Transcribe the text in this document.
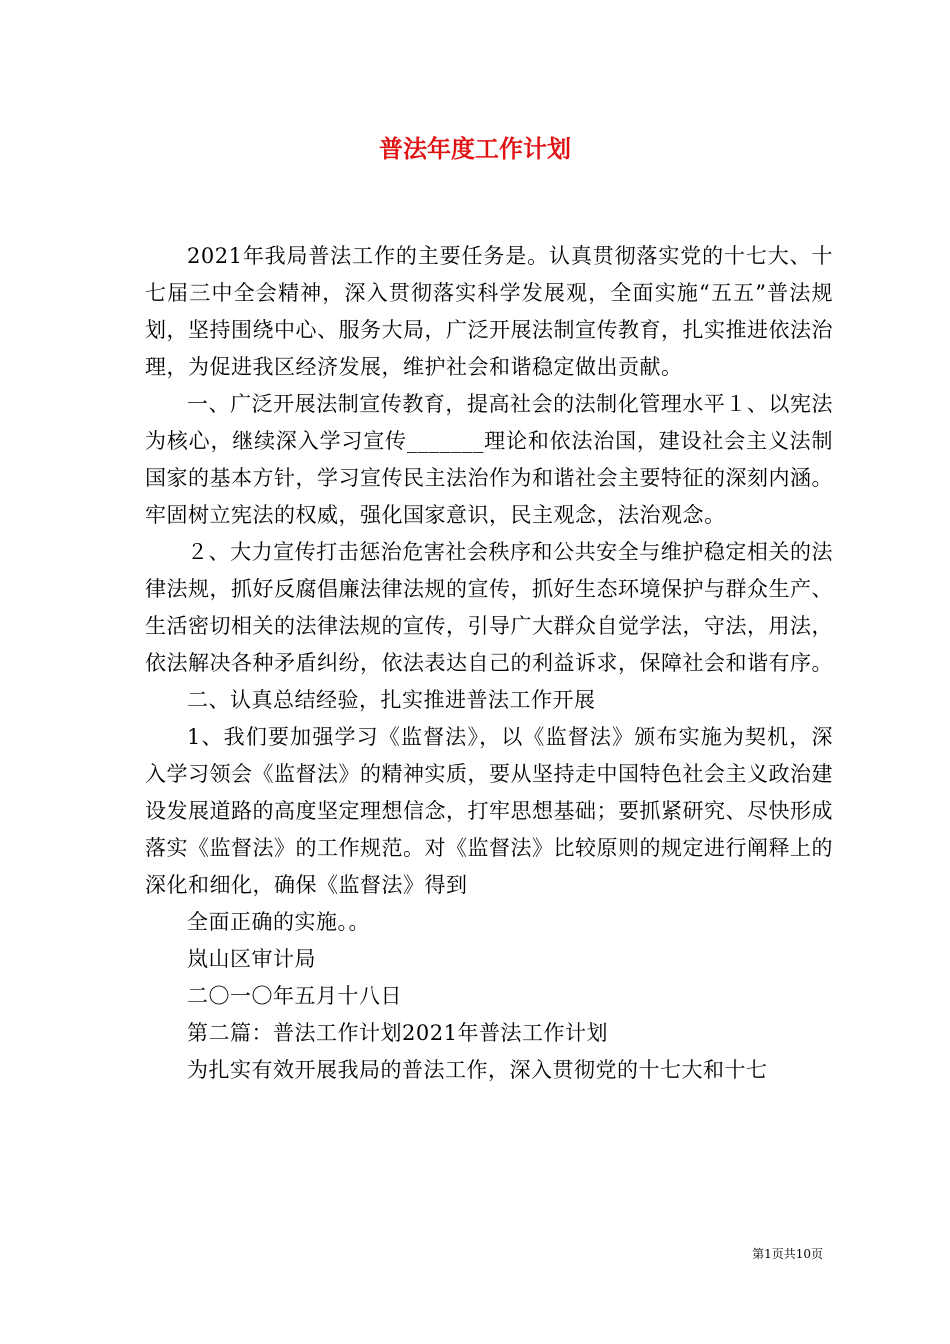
普法年度工作计划

2021年我局普法工作的主要任务是。认真贯彻落实党的十七大、十七届三中全会精神，深入贯彻落实科学发展观，全面实施“五五”普法规划，坚持围绕中心、服务大局，广泛开展法制宣传教育，扎实推进依法治理，为促进我区经济发展，维护社会和谐稳定做出贡献。

一、广泛开展法制宣传教育，提高社会的法制化管理水平１、以宪法为核心，继续深入学习宣传_______理论和依法治国，建设社会主义法制国家的基本方针，学习宣传民主法治作为和谐社会主要特征的深刻内涵。牢固树立宪法的权威，强化国家意识，民主观念，法治观念。

２、大力宣传打击惩治危害社会秩序和公共安全与维护稳定相关的法律法规，抓好反腐倡廉法律法规的宣传，抓好生态环境保护与群众生产、生活密切相关的法律法规的宣传，引导广大群众自觉学法，守法，用法，依法解决各种矛盾纠纷，依法表达自己的利益诉求，保障社会和谐有序。

二、认真总结经验，扎实推进普法工作开展

1、我们要加强学习《监督法》，以《监督法》颁布实施为契机，深入学习领会《监督法》的精神实质，要从坚持走中国特色社会主义政治建设发展道路的高度坚定理想信念，打牢思想基础；要抓紧研究、尽快形成落实《监督法》的工作规范。对《监督法》比较原则的规定进行阐释上的深化和细化，确保《监督法》得到

全面正确的实施。。

岚山区审计局

二〇一〇年五月十八日

第二篇：普法工作计划2021年普法工作计划

为扎实有效开展我局的普法工作，深入贯彻党的十七大和十七

第1页共10页
